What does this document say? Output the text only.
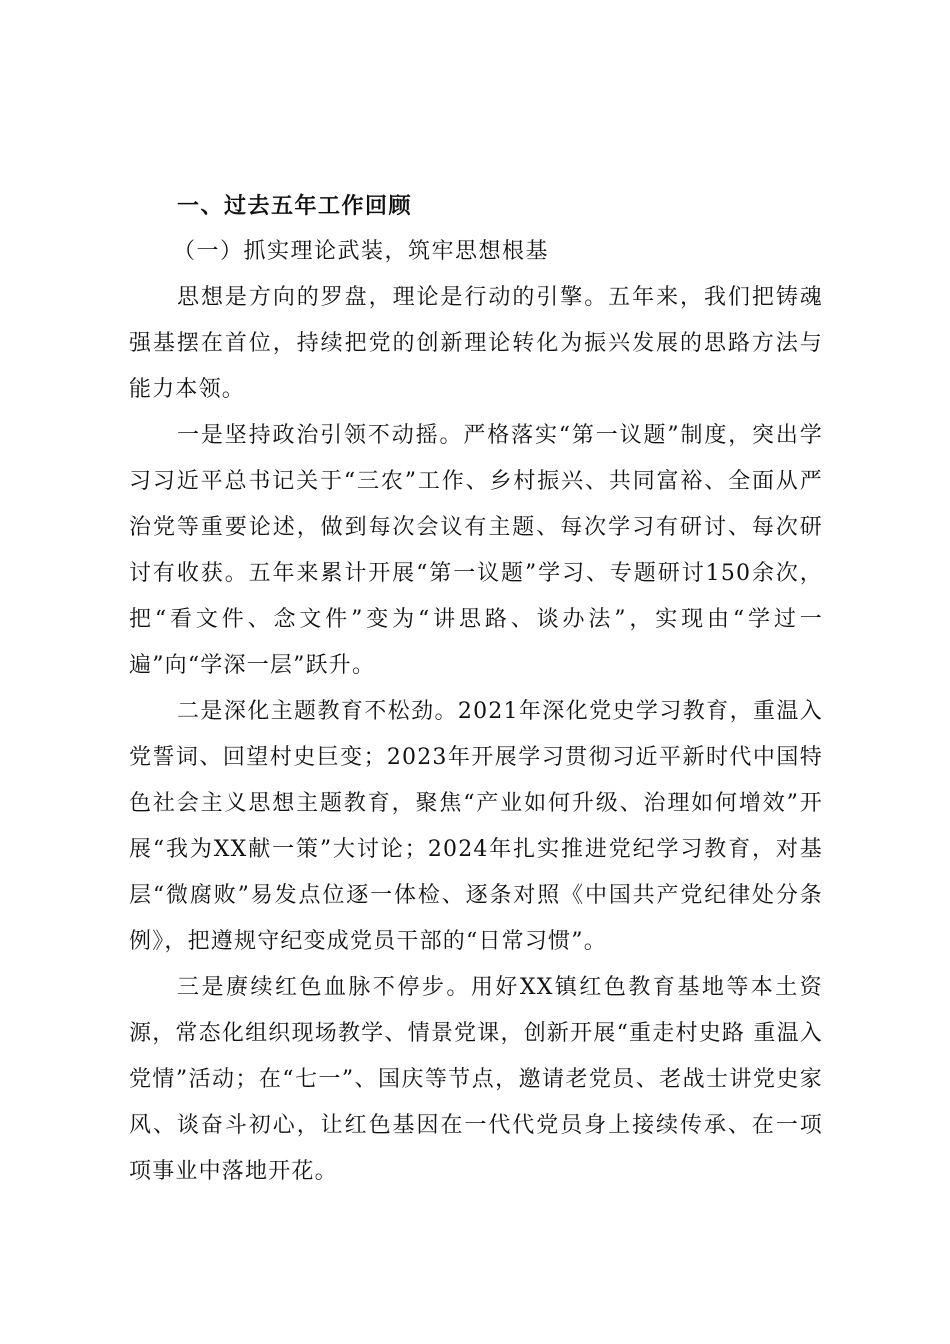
一、过去五年工作回顾

（一）抓实理论武装，筑牢思想根基

思想是方向的罗盘，理论是行动的引擎。五年来，我们把铸魂强基摆在首位，持续把党的创新理论转化为振兴发展的思路方法与能力本领。

一是坚持政治引领不动摇。严格落实“第一议题”制度，突出学习习近平总书记关于“三农”工作、乡村振兴、共同富裕、全面从严治党等重要论述，做到每次会议有主题、每次学习有研讨、每次研讨有收获。五年来累计开展“第一议题”学习、专题研讨150余次，把“看文件、念文件”变为“讲思路、谈办法”，实现由“学过一遍”向“学深一层”跃升。

二是深化主题教育不松劲。2021年深化党史学习教育，重温入党誓词、回望村史巨变；2023年开展学习贯彻习近平新时代中国特色社会主义思想主题教育，聚焦“产业如何升级、治理如何增效”开展“我为XX献一策”大讨论；2024年扎实推进党纪学习教育，对基层“微腐败”易发点位逐一体检、逐条对照《中国共产党纪律处分条例》，把遵规守纪变成党员干部的“日常习惯”。

三是赓续红色血脉不停步。用好XX镇红色教育基地等本土资源，常态化组织现场教学、情景党课，创新开展“重走村史路 重温入党情”活动；在“七一”、国庆等节点，邀请老党员、老战士讲党史家风、谈奋斗初心，让红色基因在一代代党员身上接续传承、在一项项事业中落地开花。
